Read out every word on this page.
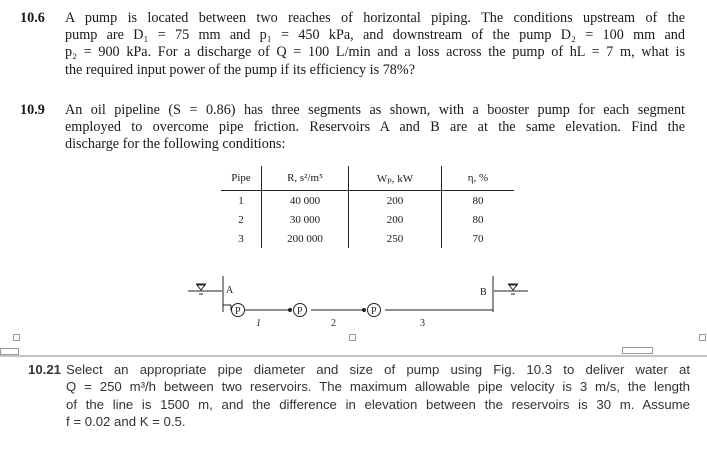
10.6 A pump is located between two reaches of horizontal piping. The conditions upstream of the
pump are D₁ = 75 mm and p₁ = 450 kPa, and downstream of the pump D₂ = 100 mm and
p₂ = 900 kPa. For a discharge of Q = 100 L/min and a loss across the pump of hL = 7 m, what is
the required input power of the pump if its efficiency is 78%?
10.9 An oil pipeline (S = 0.86) has three segments as shown, with a booster pump for each segment
employed to overcome pipe friction. Reservoirs A and B are at the same elevation. Find the
discharge for the following conditions:
Pipe	R, s²/m⁵	Wₚ, kW	η, %
1	40 000	200	80
2	30 000	200	80
3	200 000	250	70
A	B
P	P	P
1	2	3
10.21 Select an appropriate pipe diameter and size of pump using Fig. 10.3 to deliver water at
Q = 250 m³/h between two reservoirs. The maximum allowable pipe velocity is 3 m/s, the length
of the line is 1500 m, and the difference in elevation between the reservoirs is 30 m. Assume
f = 0.02 and K = 0.5.
